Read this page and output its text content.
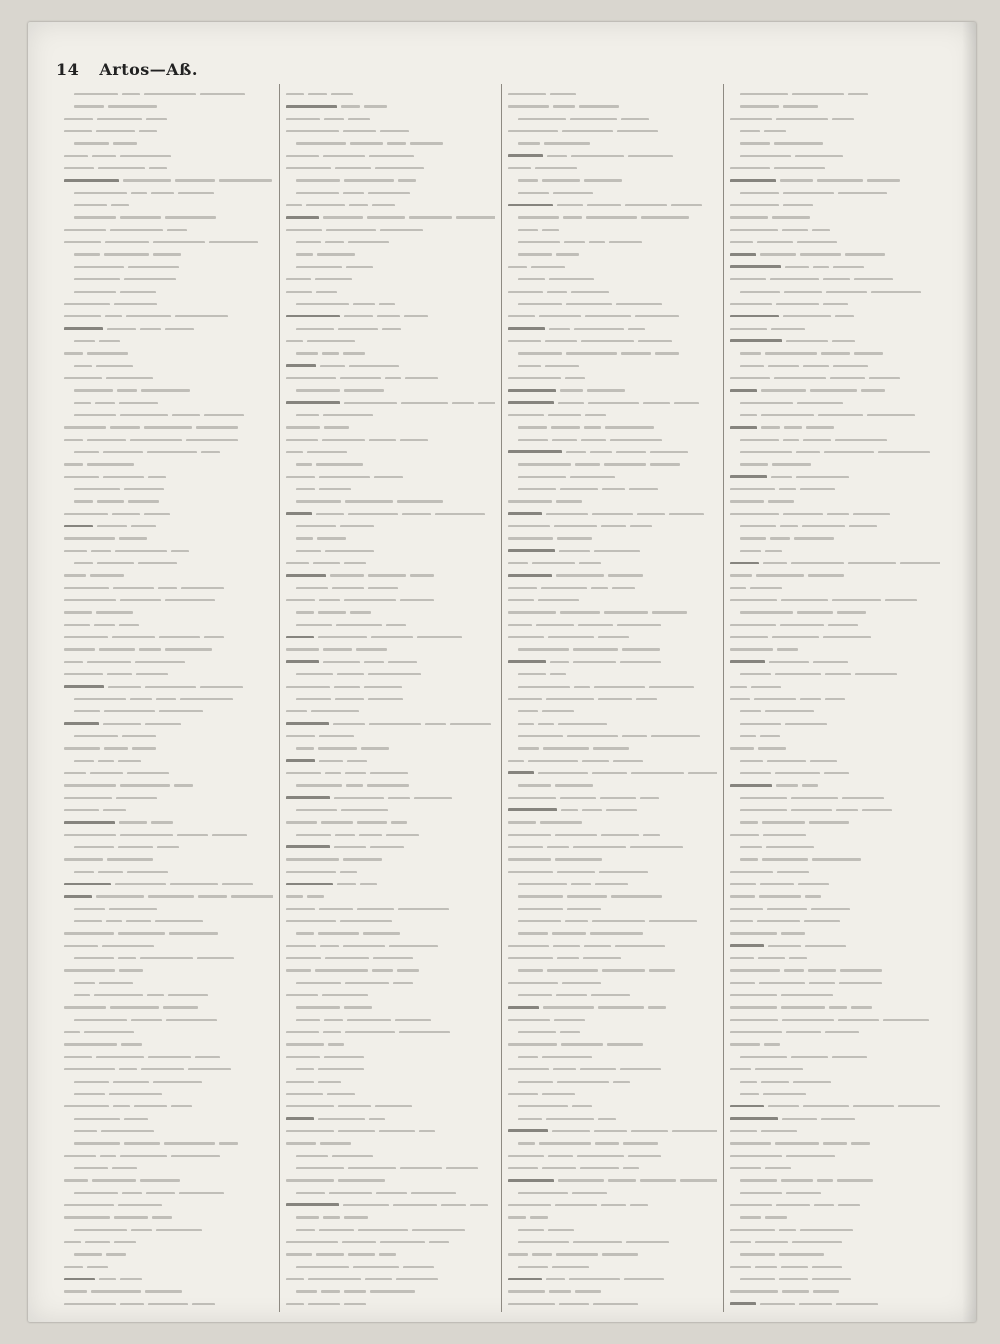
14 Artos—Aß.
